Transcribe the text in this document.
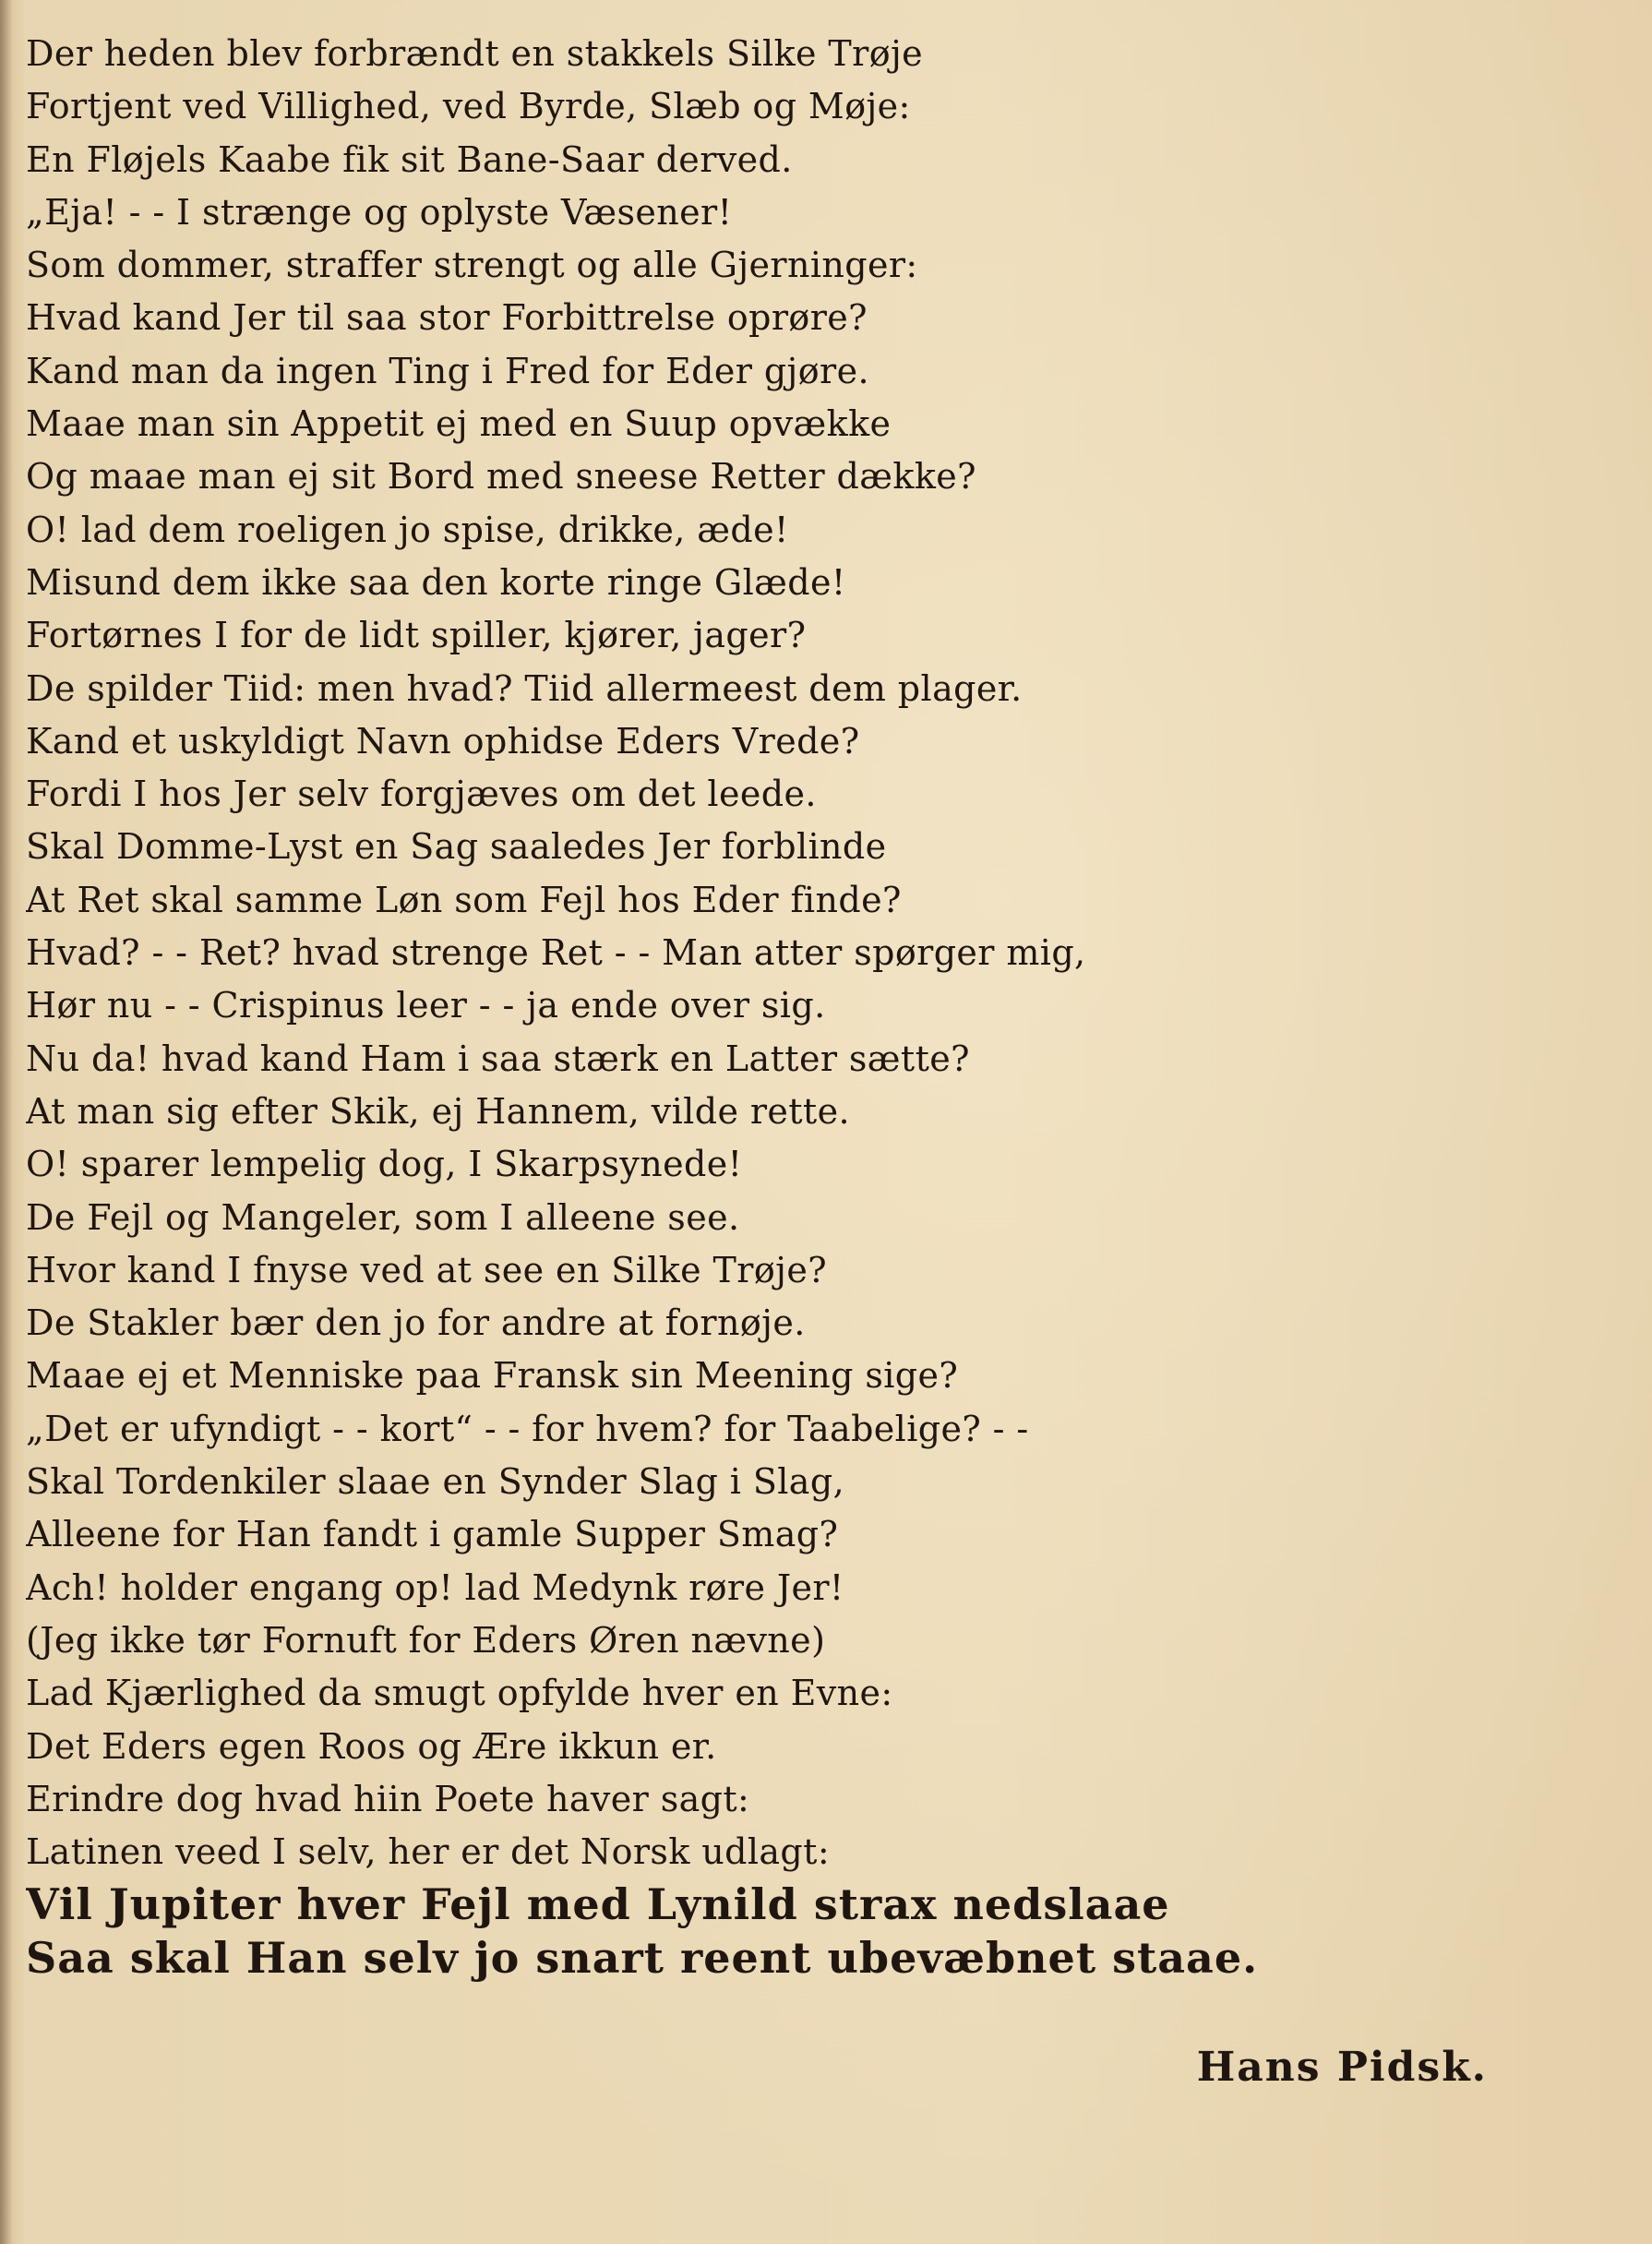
Der heden blev forbrændt en stakkels Silke Trøje
Fortjent ved Villighed, ved Byrde, Slæb og Møje:
En Fløjels Kaabe fik sit Bane-Saar derved.
„Eja! - - I strænge og oplyste Væsener!
Som dommer, straffer strengt og alle Gjerninger:
Hvad kand Jer til saa stor Forbittrelse oprøre?
Kand man da ingen Ting i Fred for Eder gjøre.
Maae man sin Appetit ej med en Suup opvække
Og maae man ej sit Bord med sneese Retter dække?
O! lad dem roeligen jo spise, drikke, æde!
Misund dem ikke saa den korte ringe Glæde!
Fortørnes I for de lidt spiller, kjører, jager?
De spilder Tiid: men hvad? Tiid allermeest dem plager.
Kand et uskyldigt Navn ophidse Eders Vrede?
Fordi I hos Jer selv forgjæves om det leede.
Skal Domme-Lyst en Sag saaledes Jer forblinde
At Ret skal samme Løn som Fejl hos Eder finde?
Hvad? - - Ret? hvad strenge Ret - - Man atter spørger mig,
Hør nu - - Crispinus leer - - ja ende over sig.
Nu da! hvad kand Ham i saa stærk en Latter sætte?
At man sig efter Skik, ej Hannem, vilde rette.
O! sparer lempelig dog, I Skarpsynede!
De Fejl og Mangeler, som I alleene see.
Hvor kand I fnyse ved at see en Silke Trøje?
De Stakler bær den jo for andre at fornøje.
Maae ej et Menniske paa Fransk sin Meening sige?
„Det er ufyndigt - - kort“ - - for hvem? for Taabelige? - -
Skal Tordenkiler slaae en Synder Slag i Slag,
Alleene for Han fandt i gamle Supper Smag?
Ach! holder engang op! lad Medynk røre Jer!
(Jeg ikke tør Fornuft for Eders Øren nævne)
Lad Kjærlighed da smugt opfylde hver en Evne:
Det Eders egen Roos og Ære ikkun er.
Erindre dog hvad hiin Poete haver sagt:
Latinen veed I selv, her er det Norsk udlagt:
Vil Jupiter hver Fejl med Lynild strax nedslaae
Saa skal Han selv jo snart reent ubevæbnet staae.
Hans Pidsk.
